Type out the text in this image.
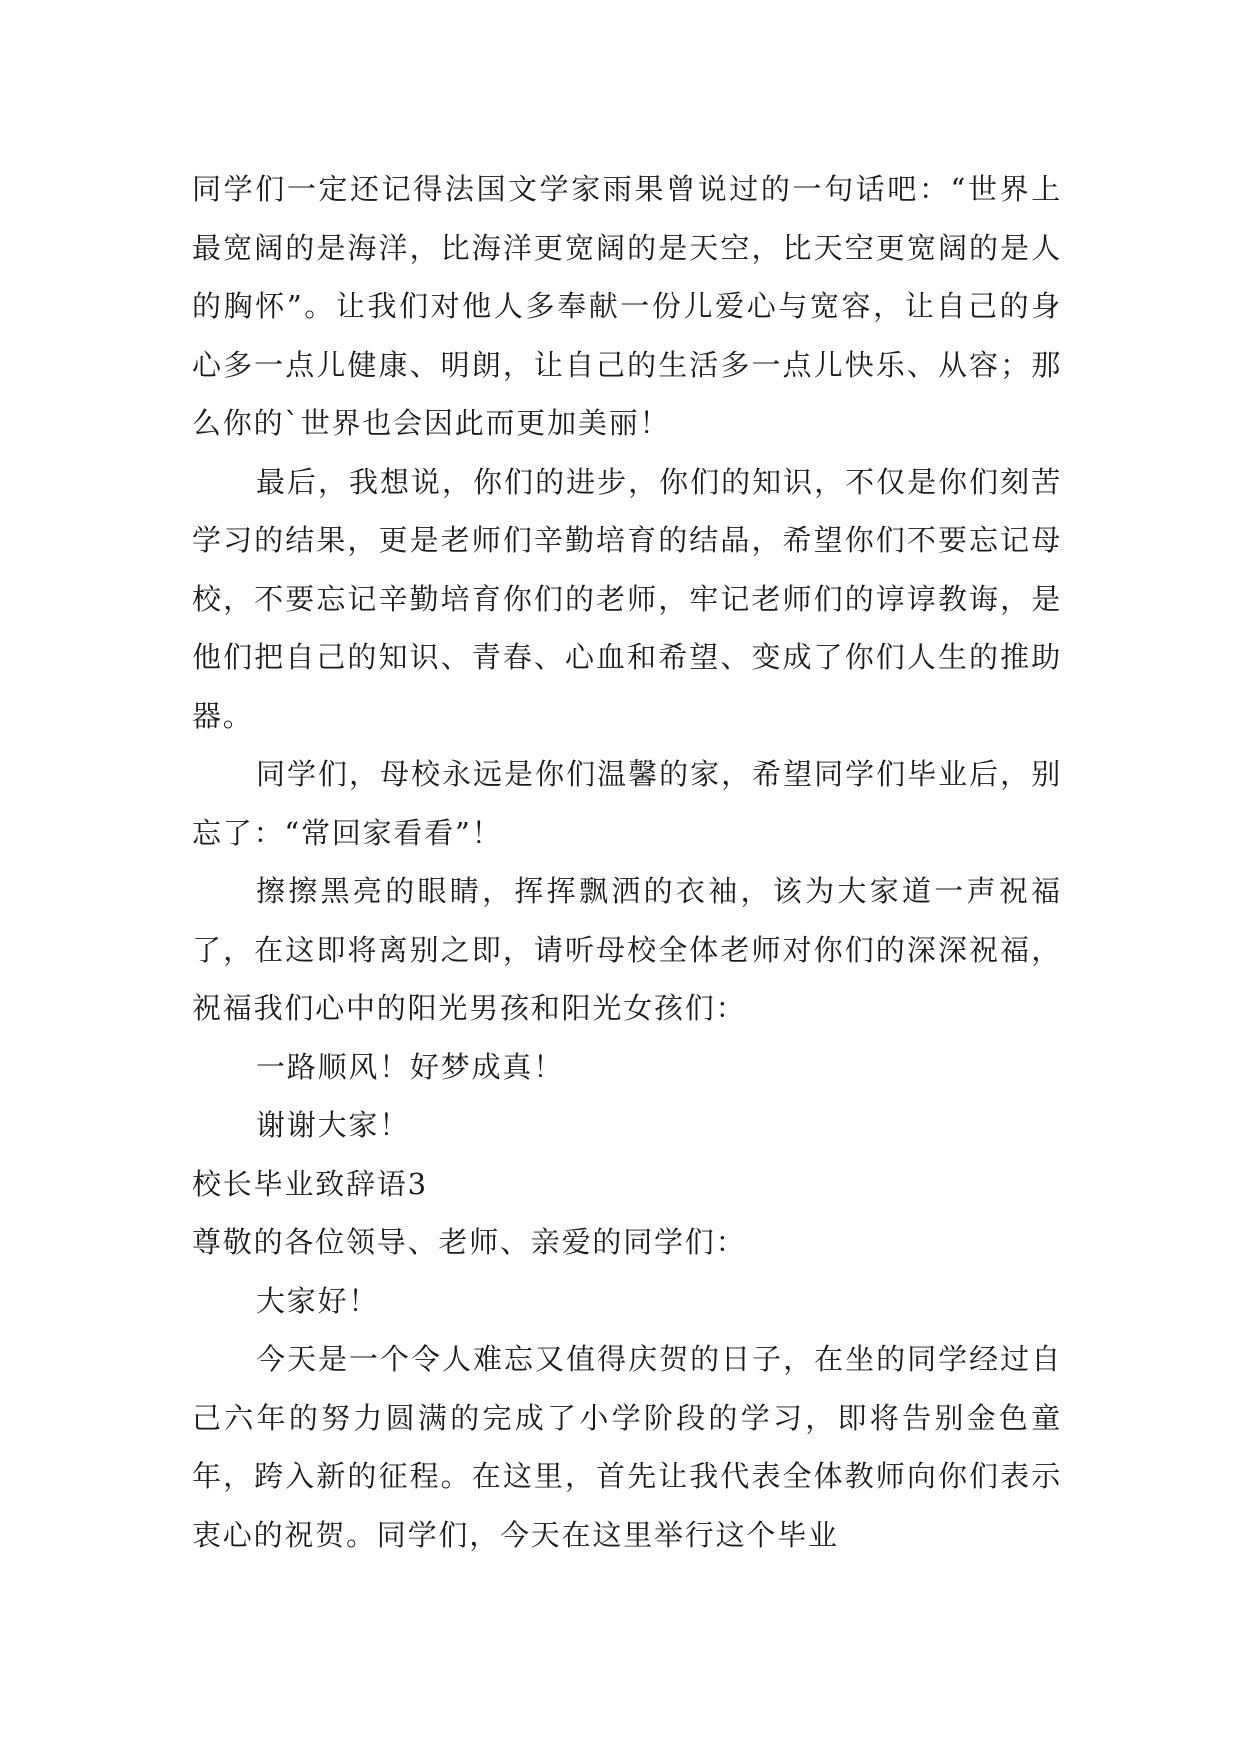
同学们一定还记得法国文学家雨果曾说过的一句话吧：“世界上最宽阔的是海洋，比海洋更宽阔的是天空，比天空更宽阔的是人的胸怀”。让我们对他人多奉献一份儿爱心与宽容，让自己的身心多一点儿健康、明朗，让自己的生活多一点儿快乐、从容；那么你的`世界也会因此而更加美丽！

最后，我想说，你们的进步，你们的知识，不仅是你们刻苦学习的结果，更是老师们辛勤培育的结晶，希望你们不要忘记母校，不要忘记辛勤培育你们的老师，牢记老师们的谆谆教诲，是他们把自己的知识、青春、心血和希望、变成了你们人生的推助器。

同学们，母校永远是你们温馨的家，希望同学们毕业后，别忘了：“常回家看看”！

擦擦黑亮的眼睛，挥挥飘洒的衣袖，该为大家道一声祝福了，在这即将离别之即，请听母校全体老师对你们的深深祝福，祝福我们心中的阳光男孩和阳光女孩们：

一路顺风！好梦成真！

谢谢大家！

校长毕业致辞语3

尊敬的各位领导、老师、亲爱的同学们：

大家好！

今天是一个令人难忘又值得庆贺的日子，在坐的同学经过自己六年的努力圆满的完成了小学阶段的学习，即将告别金色童年，跨入新的征程。在这里，首先让我代表全体教师向你们表示衷心的祝贺。同学们，今天在这里举行这个毕业
